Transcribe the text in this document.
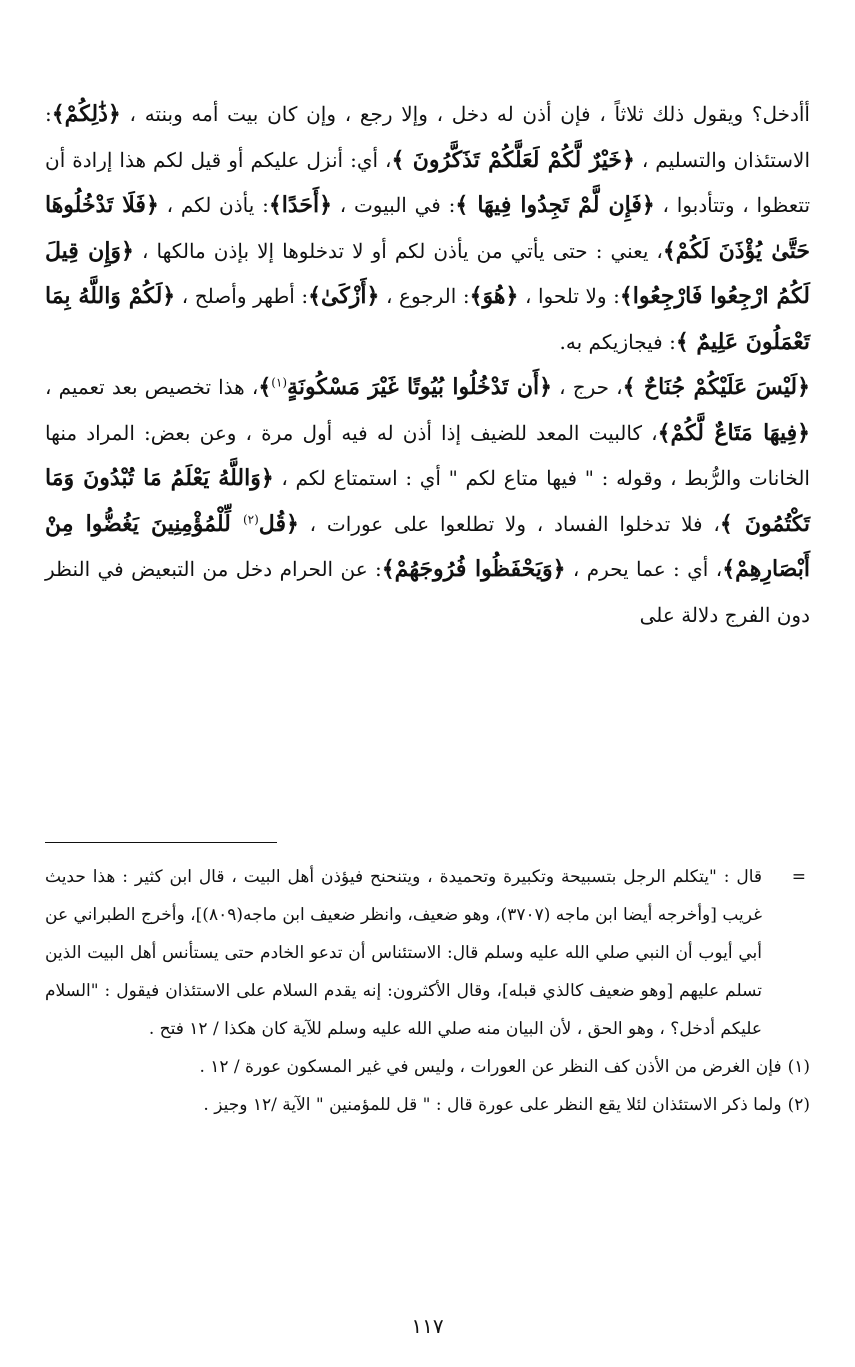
أأدخل؟ ويقول ذلك ثلاثاً ، فإن أذن له دخل ، وإلا رجع ، وإن كان بيت أمه وبنته ، ﴿ذَٰلِكُمْ﴾: الاستئذان والتسليم ، ﴿خَيْرٌ لَّكُمْ لَعَلَّكُمْ تَذَكَّرُونَ ﴾، أي: أنزل عليكم أو قيل لكم هذا إرادة أن تتعظوا ، وتتأدبوا ، ﴿فَإِن لَّمْ تَجِدُوا فِيهَا ﴾: في البيوت ، ﴿أَحَدًا﴾: يأذن لكم ، ﴿فَلَا تَدْخُلُوهَا حَتَّىٰ يُؤْذَنَ لَكُمْ﴾، يعني : حتى يأتي من يأذن لكم أو لا تدخلوها إلا بإذن مالكها ، ﴿وَإِن قِيلَ لَكُمُ ارْجِعُوا فَارْجِعُوا﴾: ولا تلحوا ، ﴿هُوَ﴾: الرجوع ، ﴿أَزْكَىٰ﴾: أطهر وأصلح ، ﴿لَكُمْ وَاللَّهُ بِمَا تَعْمَلُونَ عَلِيمٌ ﴾: فيجازيكم به.

﴿لَيْسَ عَلَيْكُمْ جُنَاحٌ ﴾، حرج ، ﴿أَن تَدْخُلُوا بُيُوتًا غَيْرَ مَسْكُونَةٍ$^{(١)}$﴾، هذا تخصيص بعد تعميم ، ﴿فِيهَا مَتَاعٌ لَّكُمْ﴾، كالبيت المعد للضيف إذا أذن له فيه أول مرة ، وعن بعض: المراد منها الخانات والرُّبط ، وقوله : " فيها متاع لكم " أي : استمتاع لكم ، ﴿وَاللَّهُ يَعْلَمُ مَا تُبْدُونَ وَمَا تَكْتُمُونَ ﴾، فلا تدخلوا الفساد ، ولا تطلعوا على عورات ، ﴿قُل$^{(٢)}$ لِّلْمُؤْمِنِينَ يَغُضُّوا مِنْ أَبْصَارِهِمْ﴾، أي : عما يحرم ، ﴿وَيَحْفَظُوا فُرُوجَهُمْ﴾: عن الحرام دخل من التبعيض في النظر دون الفرج دلالة على

=
قال : "يتكلم الرجل بتسبيحة وتكبيرة وتحميدة ، ويتنحنح فيؤذن أهل البيت ، قال ابن كثير : هذا حديث غريب [وأخرجه أيضا ابن ماجه (٣٧٠٧)، وهو ضعيف، وانظر ضعيف ابن ماجه(٨٠٩)]، وأخرج الطبراني عن أبي أيوب أن النبي صلي الله عليه وسلم قال: الاستئناس أن تدعو الخادم حتى يستأنس أهل البيت الذين تسلم عليهم [وهو ضعيف كالذي قبله]، وقال الأكثرون: إنه يقدم السلام على الاستئذان فيقول : "السلام عليكم أدخل؟ ، وهو الحق ، لأن البيان منه صلي الله عليه وسلم للآية كان هكذا / ١٢ فتح .

(١)فإن الغرض من الأذن كف النظر عن العورات ، وليس في غير المسكون عورة / ١٢ .

(٢)ولما ذكر الاستئذان لئلا يقع النظر على عورة قال : " قل للمؤمنين " الآية /١٢ وجيز .

١١٧
